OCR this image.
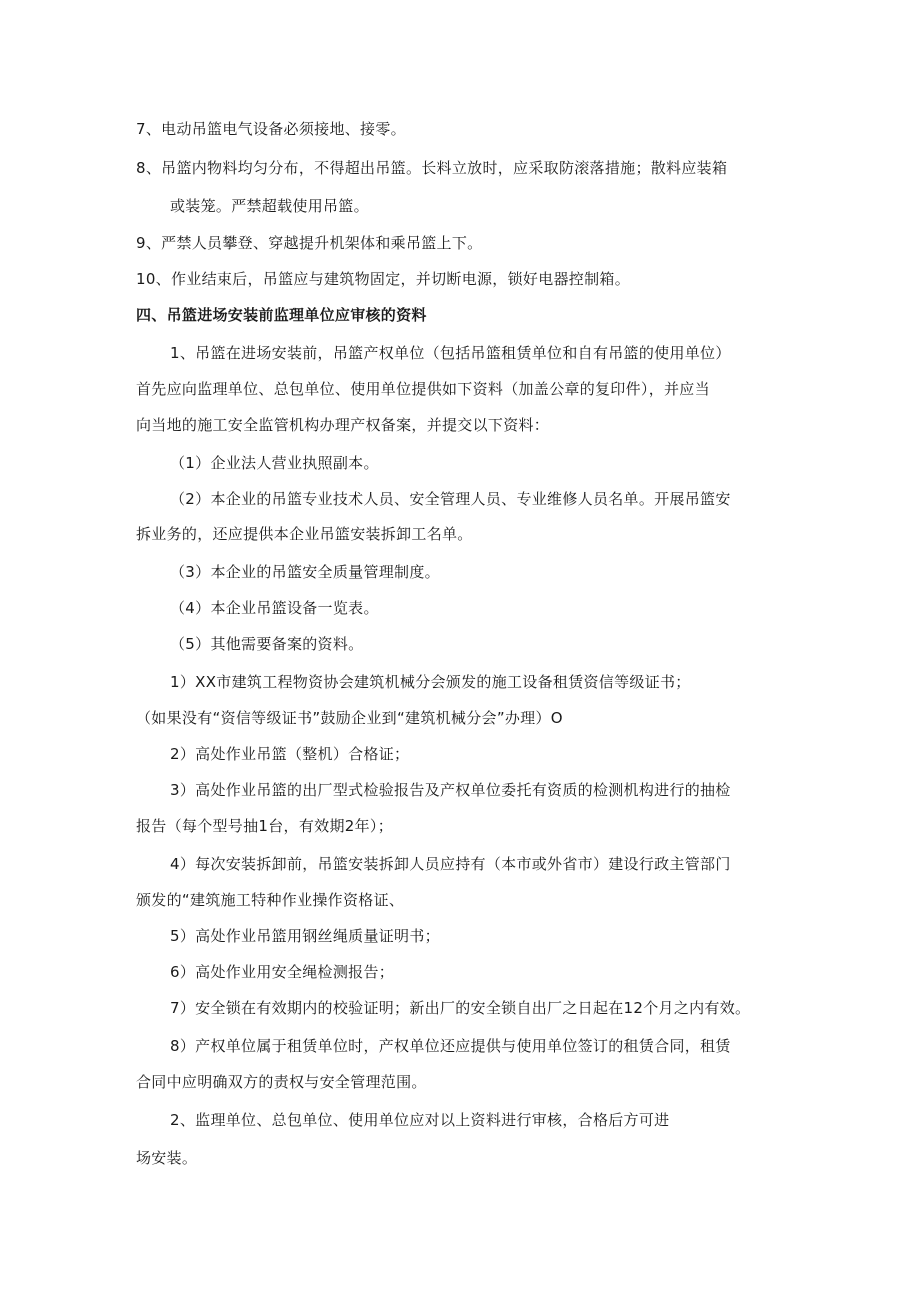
7、电动吊篮电气设备必须接地、接零。
8、吊篮内物料均匀分布，不得超出吊篮。长料立放时，应采取防滚落措施；散料应装箱
或装笼。严禁超载使用吊篮。
9、严禁人员攀登、穿越提升机架体和乘吊篮上下。
10、作业结束后，吊篮应与建筑物固定，并切断电源，锁好电器控制箱。
四、吊篮进场安装前监理单位应审核的资料
1、吊篮在进场安装前，吊篮产权单位（包括吊篮租赁单位和自有吊篮的使用单位）
首先应向监理单位、总包单位、使用单位提供如下资料（加盖公章的复印件），并应当
向当地的施工安全监管机构办理产权备案，并提交以下资料：
（1）企业法人营业执照副本。
（2）本企业的吊篮专业技术人员、安全管理人员、专业维修人员名单。开展吊篮安
拆业务的，还应提供本企业吊篮安装拆卸工名单。
（3）本企业的吊篮安全质量管理制度。
（4）本企业吊篮设备一览表。
（5）其他需要备案的资料。
1）XX市建筑工程物资协会建筑机械分会颁发的施工设备租赁资信等级证书；
（如果没有“资信等级证书”鼓励企业到“建筑机械分会”办理）O
2）高处作业吊篮（整机）合格证；
3）高处作业吊篮的出厂型式检验报告及产权单位委托有资质的检测机构进行的抽检
报告（每个型号抽1台，有效期2年）；
4）每次安装拆卸前，吊篮安装拆卸人员应持有（本市或外省市）建设行政主管部门
颁发的“建筑施工特种作业操作资格证、
5）高处作业吊篮用钢丝绳质量证明书；
6）高处作业用安全绳检测报告；
7）安全锁在有效期内的校验证明；新出厂的安全锁自出厂之日起在12个月之内有效。
8）产权单位属于租赁单位时，产权单位还应提供与使用单位签订的租赁合同，租赁
合同中应明确双方的责权与安全管理范围。
2、监理单位、总包单位、使用单位应对以上资料进行审核，合格后方可进
场安装。
